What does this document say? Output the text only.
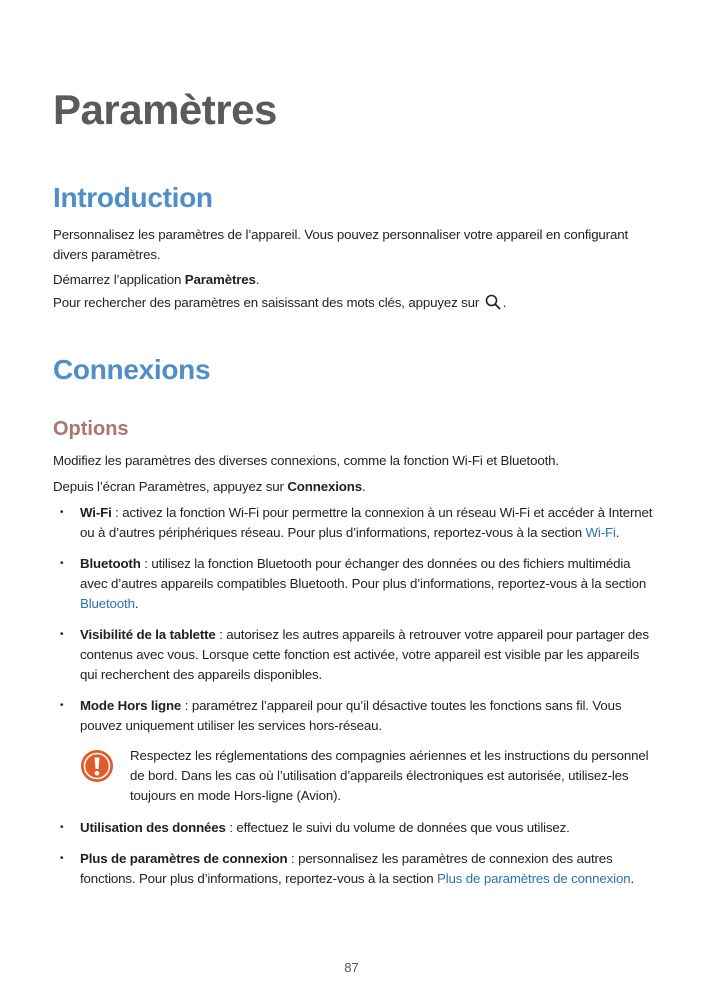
Paramètres
Introduction

Personnalisez les paramètres de l’appareil. Vous pouvez personnaliser votre appareil en configurant divers paramètres.

Démarrez l’application Paramètres.

Pour rechercher des paramètres en saisissant des mots clés, appuyez sur .

Connexions
Options

Modifiez les paramètres des diverses connexions, comme la fonction Wi-Fi et Bluetooth.

Depuis l’écran Paramètres, appuyez sur Connexions.

• Wi-Fi : activez la fonction Wi-Fi pour permettre la connexion à un réseau Wi-Fi et accéder à Internet ou à d’autres périphériques réseau. Pour plus d’informations, reportez-vous à la section Wi-Fi.
• Bluetooth : utilisez la fonction Bluetooth pour échanger des données ou des fichiers multimédia avec d’autres appareils compatibles Bluetooth. Pour plus d’informations, reportez-vous à la section Bluetooth.
• Visibilité de la tablette : autorisez les autres appareils à retrouver votre appareil pour partager des contenus avec vous. Lorsque cette fonction est activée, votre appareil est visible par les appareils qui recherchent des appareils disponibles.
• Mode Hors ligne : paramétrez l’appareil pour qu’il désactive toutes les fonctions sans fil. Vous pouvez uniquement utiliser les services hors-réseau.
Respectez les réglementations des compagnies aériennes et les instructions du personnel de bord. Dans les cas où l’utilisation d’appareils électroniques est autorisée, utilisez-les toujours en mode Hors-ligne (Avion).
• Utilisation des données : effectuez le suivi du volume de données que vous utilisez.
• Plus de paramètres de connexion : personnalisez les paramètres de connexion des autres fonctions. Pour plus d’informations, reportez-vous à la section Plus de paramètres de connexion.
87
